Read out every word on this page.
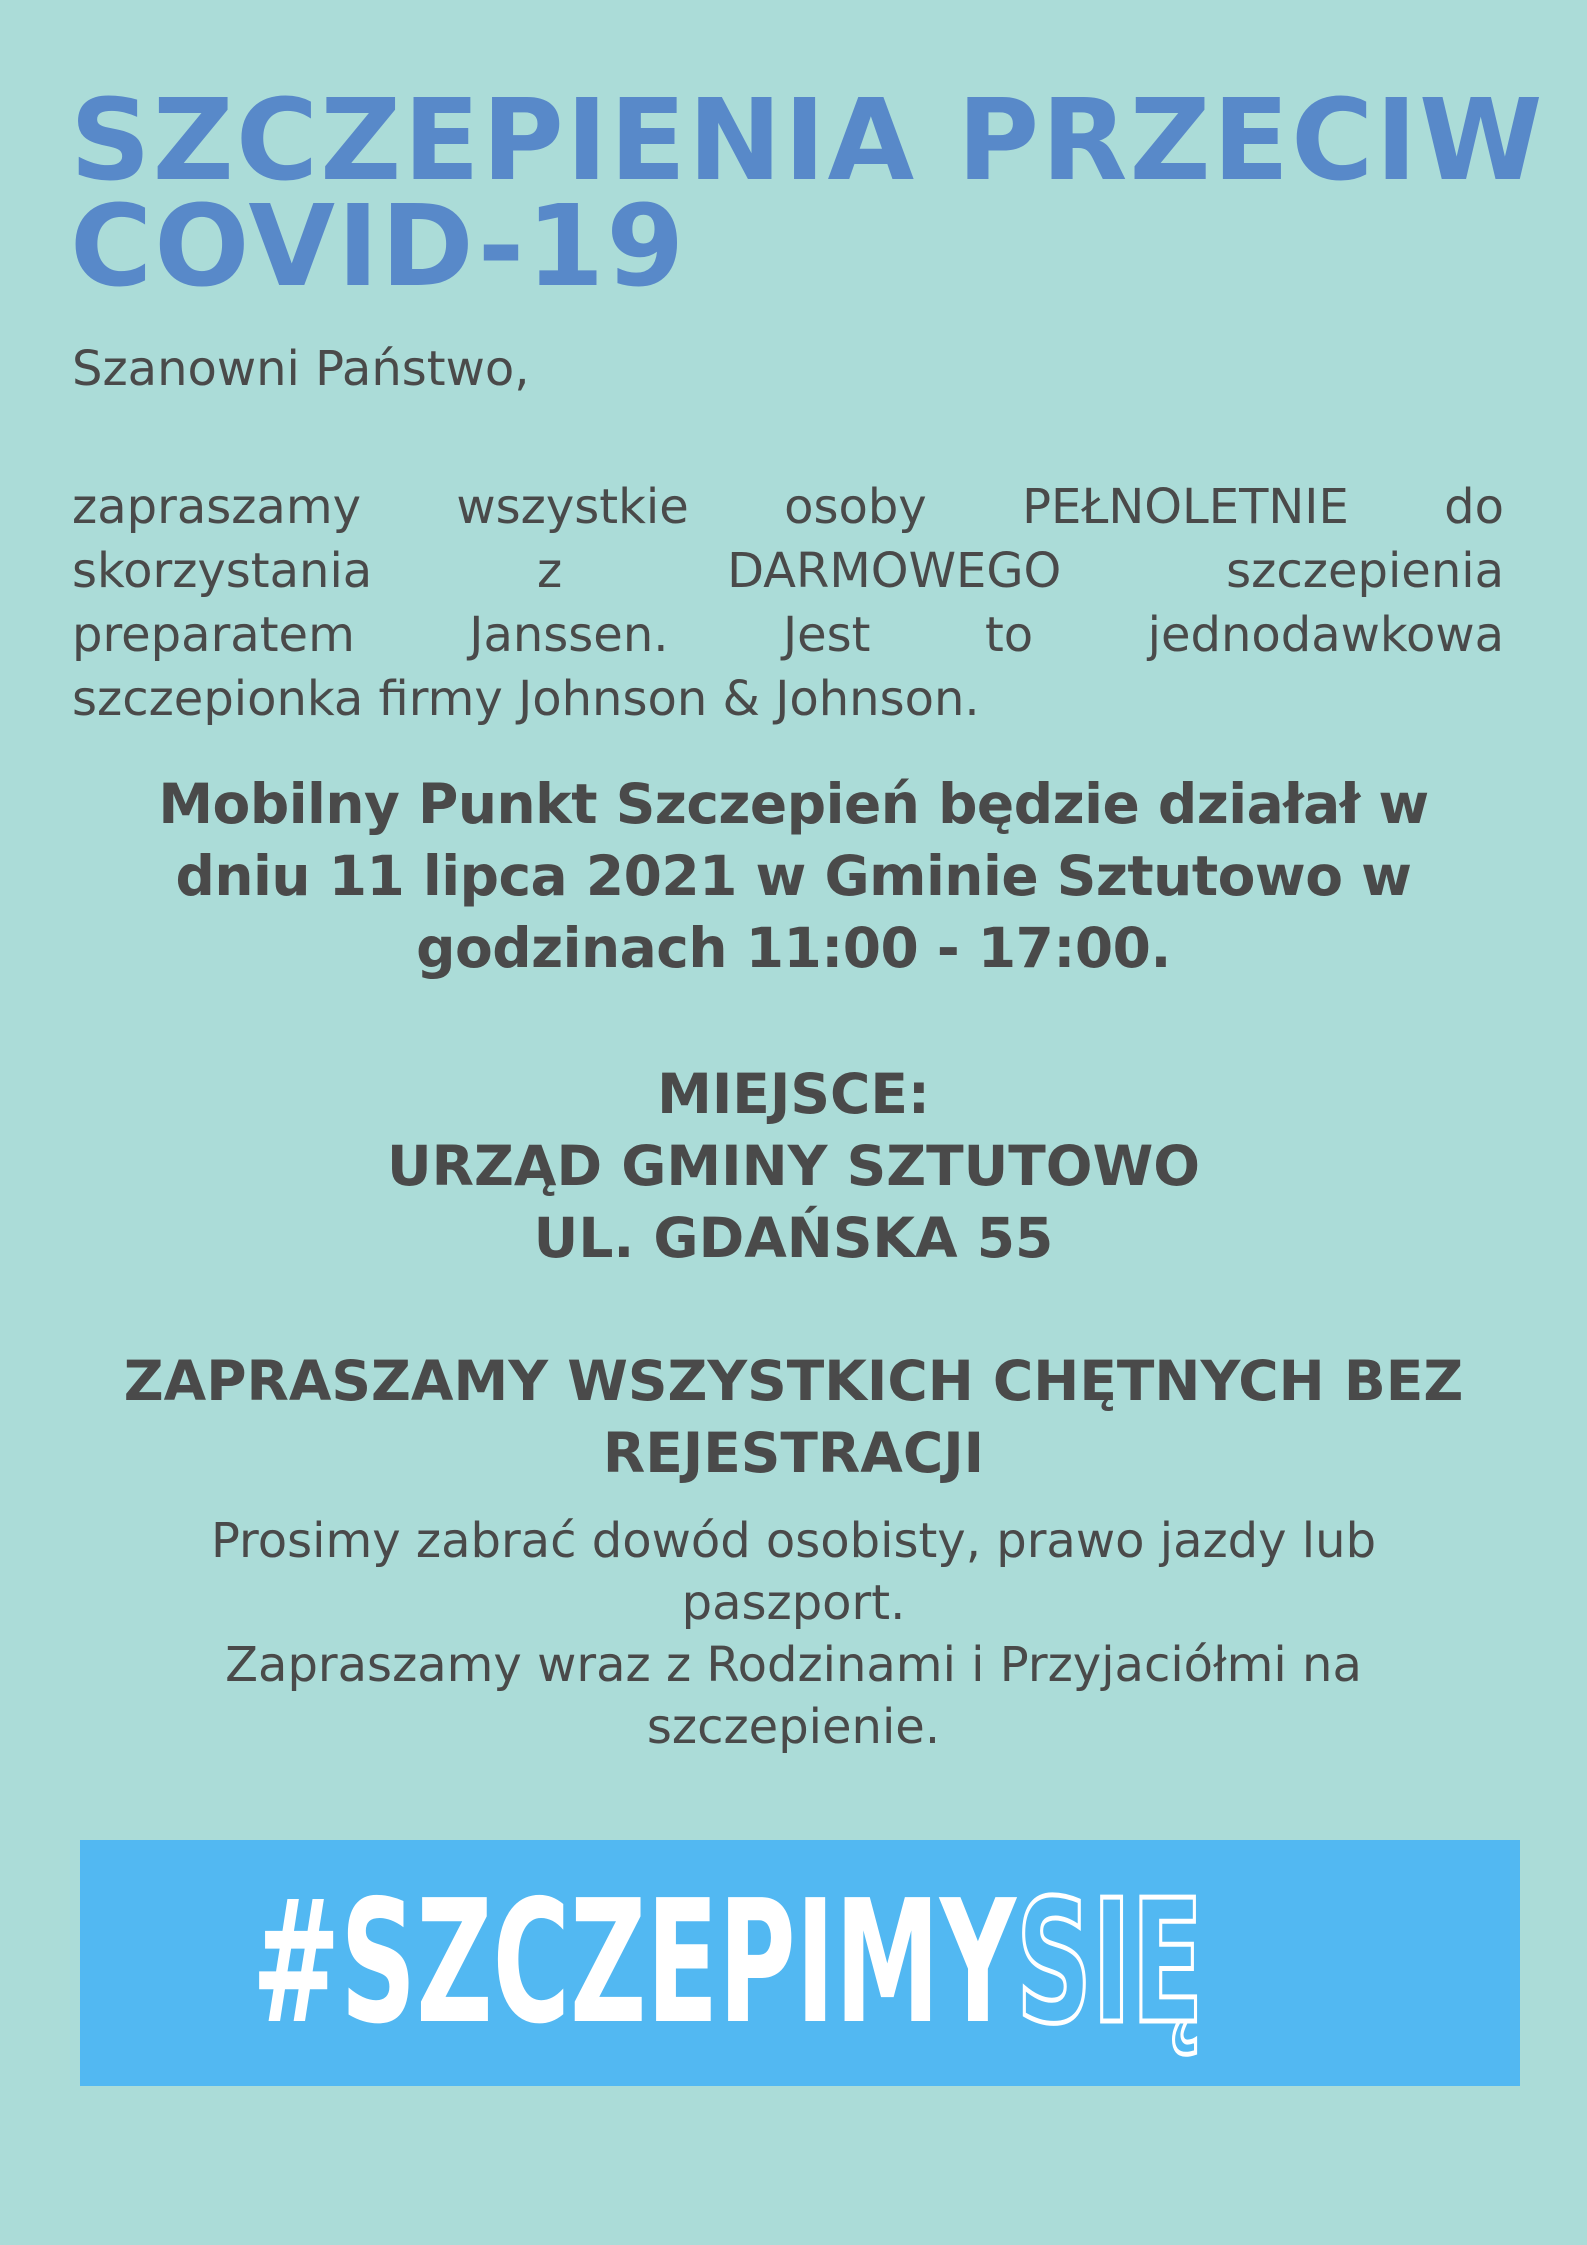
SZCZEPIENIA PRZECIW
COVID-19
Szanowni Państwo,
zapraszamy wszystkie osoby PEŁNOLETNIE do
skorzystania z DARMOWEGO szczepienia
preparatem Janssen. Jest to jednodawkowa
szczepionka firmy Johnson & Johnson.
Mobilny Punkt Szczepień będzie działał w
dniu 11 lipca 2021 w Gminie Sztutowo w
godzinach 11:00 - 17:00.
MIEJSCE:
URZĄD GMINY SZTUTOWO
UL. GDAŃSKA 55
ZAPRASZAMY WSZYSTKICH CHĘTNYCH BEZ
REJESTRACJI
Prosimy zabrać dowód osobisty, prawo jazdy lub
paszport.
Zapraszamy wraz z Rodzinami i Przyjaciółmi na
szczepienie.
#SZCZEPIMYSIĘ
